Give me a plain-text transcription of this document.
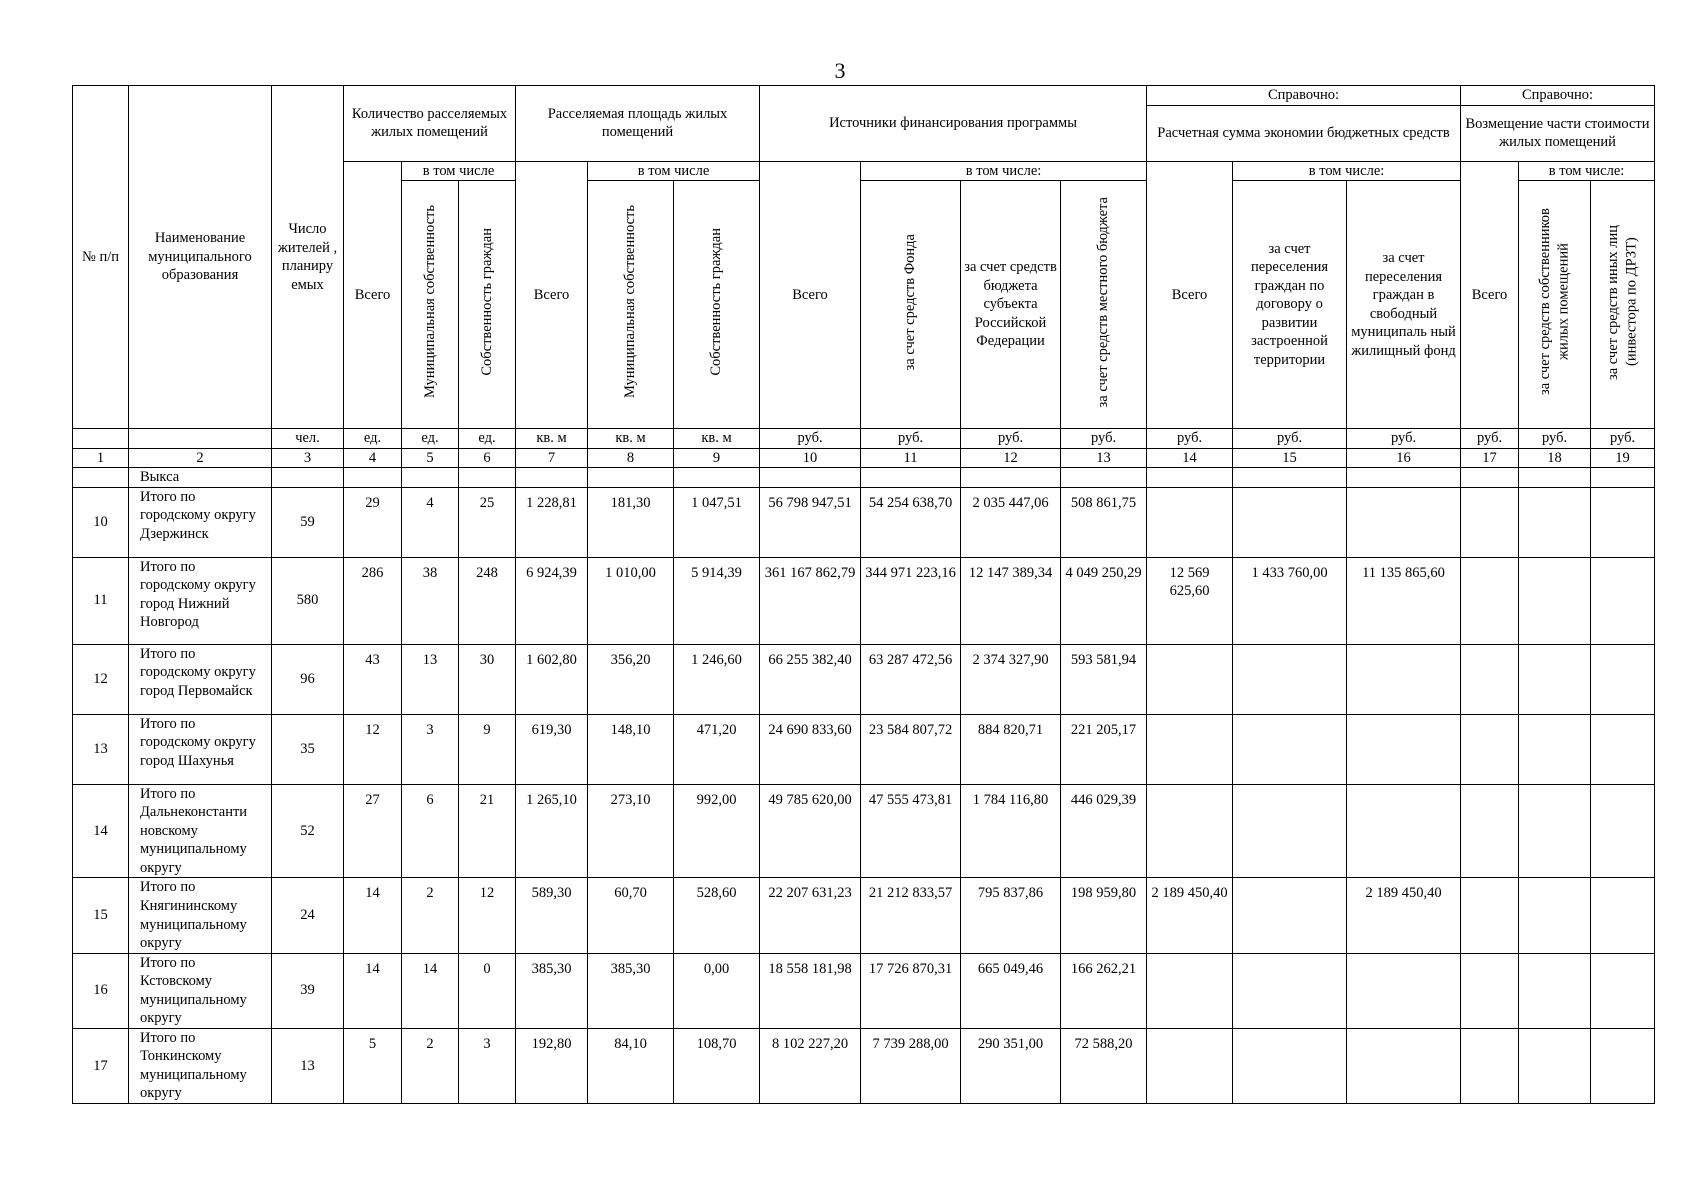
3
№ п/п	Наименование муниципального образования	Число жителей , планиру емых	Количество расселяемых жилых помещений			Расселяемая площадь жилых помещений			Источники финансирования программы				Справочно:			Справочно:		
													Расчетная сумма экономии бюджетных средств			Возмещение части стоимости жилых помещений		

			Всего	в том числе		Всего	в том числе		Всего	в том числе:			Всего	в том числе:		Всего	в том числе:	
				Муниципальная собственность	Собственность граждан		Муниципальная собственность	Собственность граждан		за счет средств Фонда	за счет средств бюджета субъекта Российской Федерации	за счет средств местного бюджета		за счет переселения граждан по договору о развитии застроенной территории	за счет переселения граждан в свободный муниципаль ный жилищный фонд		за счет средств собственников жилых помещений	за счет средств иных лиц (инвестора по ДРЗТ)
		чел.	ед.	ед.	ед.	кв. м	кв. м	кв. м	руб.	руб.	руб.	руб.	руб.	руб.	руб.	руб.	руб.	руб.
1	2	3	4	5	6	7	8	9	10	11	12	13	14	15	16	17	18	19
	Выкса																	
10	Итого по городскому округу Дзержинск	59	29	4	25	1 228,81	181,30	1 047,51	56 798 947,51	54 254 638,70	2 035 447,06	508 861,75						
11	Итого по городскому округу город Нижний Новгород	580	286	38	248	6 924,39	1 010,00	5 914,39	361 167 862,79	344 971 223,16	12 147 389,34	4 049 250,29	12 569 625,60	1 433 760,00	11 135 865,60			
12	Итого по городскому округу город Первомайск	96	43	13	30	1 602,80	356,20	1 246,60	66 255 382,40	63 287 472,56	2 374 327,90	593 581,94						
13	Итого по городскому округу город Шахунья	35	12	3	9	619,30	148,10	471,20	24 690 833,60	23 584 807,72	884 820,71	221 205,17						
14	Итого по Дальнеконстанти новскому муниципальному округу	52	27	6	21	1 265,10	273,10	992,00	49 785 620,00	47 555 473,81	1 784 116,80	446 029,39						
15	Итого по Княгининскому муниципальному округу	24	14	2	12	589,30	60,70	528,60	22 207 631,23	21 212 833,57	795 837,86	198 959,80	2 189 450,40		2 189 450,40			
16	Итого по Кстовскому муниципальному округу	39	14	14	0	385,30	385,30	0,00	18 558 181,98	17 726 870,31	665 049,46	166 262,21						
17	Итого по Тонкинскому муниципальному округу	13	5	2	3	192,80	84,10	108,70	8 102 227,20	7 739 288,00	290 351,00	72 588,20						
